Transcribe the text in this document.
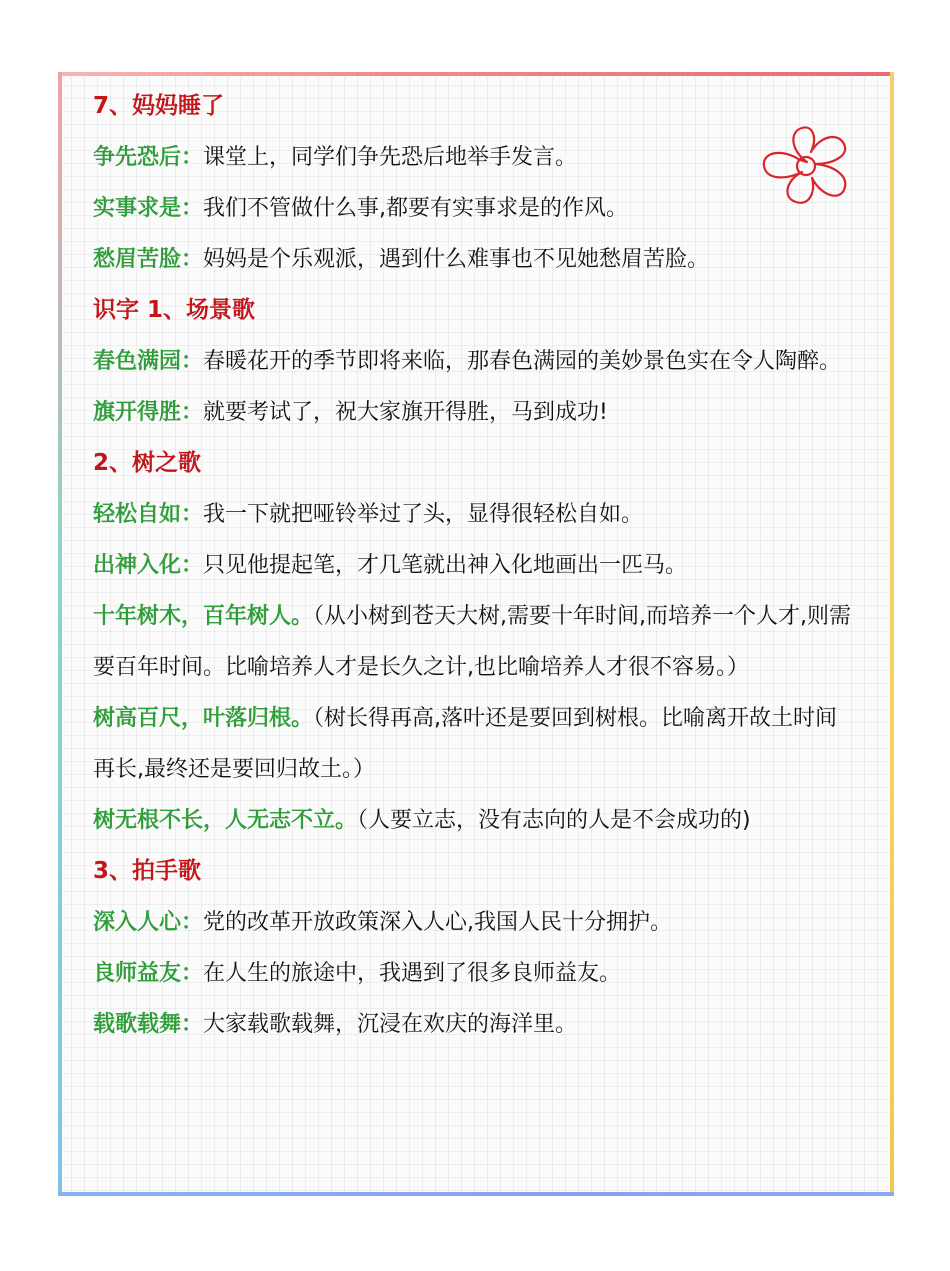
7、妈妈睡了
争先恐后：课堂上，同学们争先恐后地举手发言。
实事求是：我们不管做什么事,都要有实事求是的作风。
愁眉苦脸：妈妈是个乐观派，遇到什么难事也不见她愁眉苦脸。
识字 1、场景歌
春色满园：春暖花开的季节即将来临，那春色满园的美妙景色实在令人陶醉。
旗开得胜：就要考试了，祝大家旗开得胜，马到成功!
2、树之歌
轻松自如：我一下就把哑铃举过了头，显得很轻松自如。
出神入化：只见他提起笔，才几笔就出神入化地画出一匹马。
十年树木，百年树人。（从小树到苍天大树,需要十年时间,而培养一个人才,则需要百年时间。比喻培养人才是长久之计,也比喻培养人才很不容易。）
树高百尺，叶落归根。（树长得再高,落叶还是要回到树根。比喻离开故土时间再长,最终还是要回归故土。）
树无根不长，人无志不立。（人要立志，没有志向的人是不会成功的)
3、拍手歌
深入人心：党的改革开放政策深入人心,我国人民十分拥护。
良师益友：在人生的旅途中，我遇到了很多良师益友。
载歌载舞：大家载歌载舞，沉浸在欢庆的海洋里。
